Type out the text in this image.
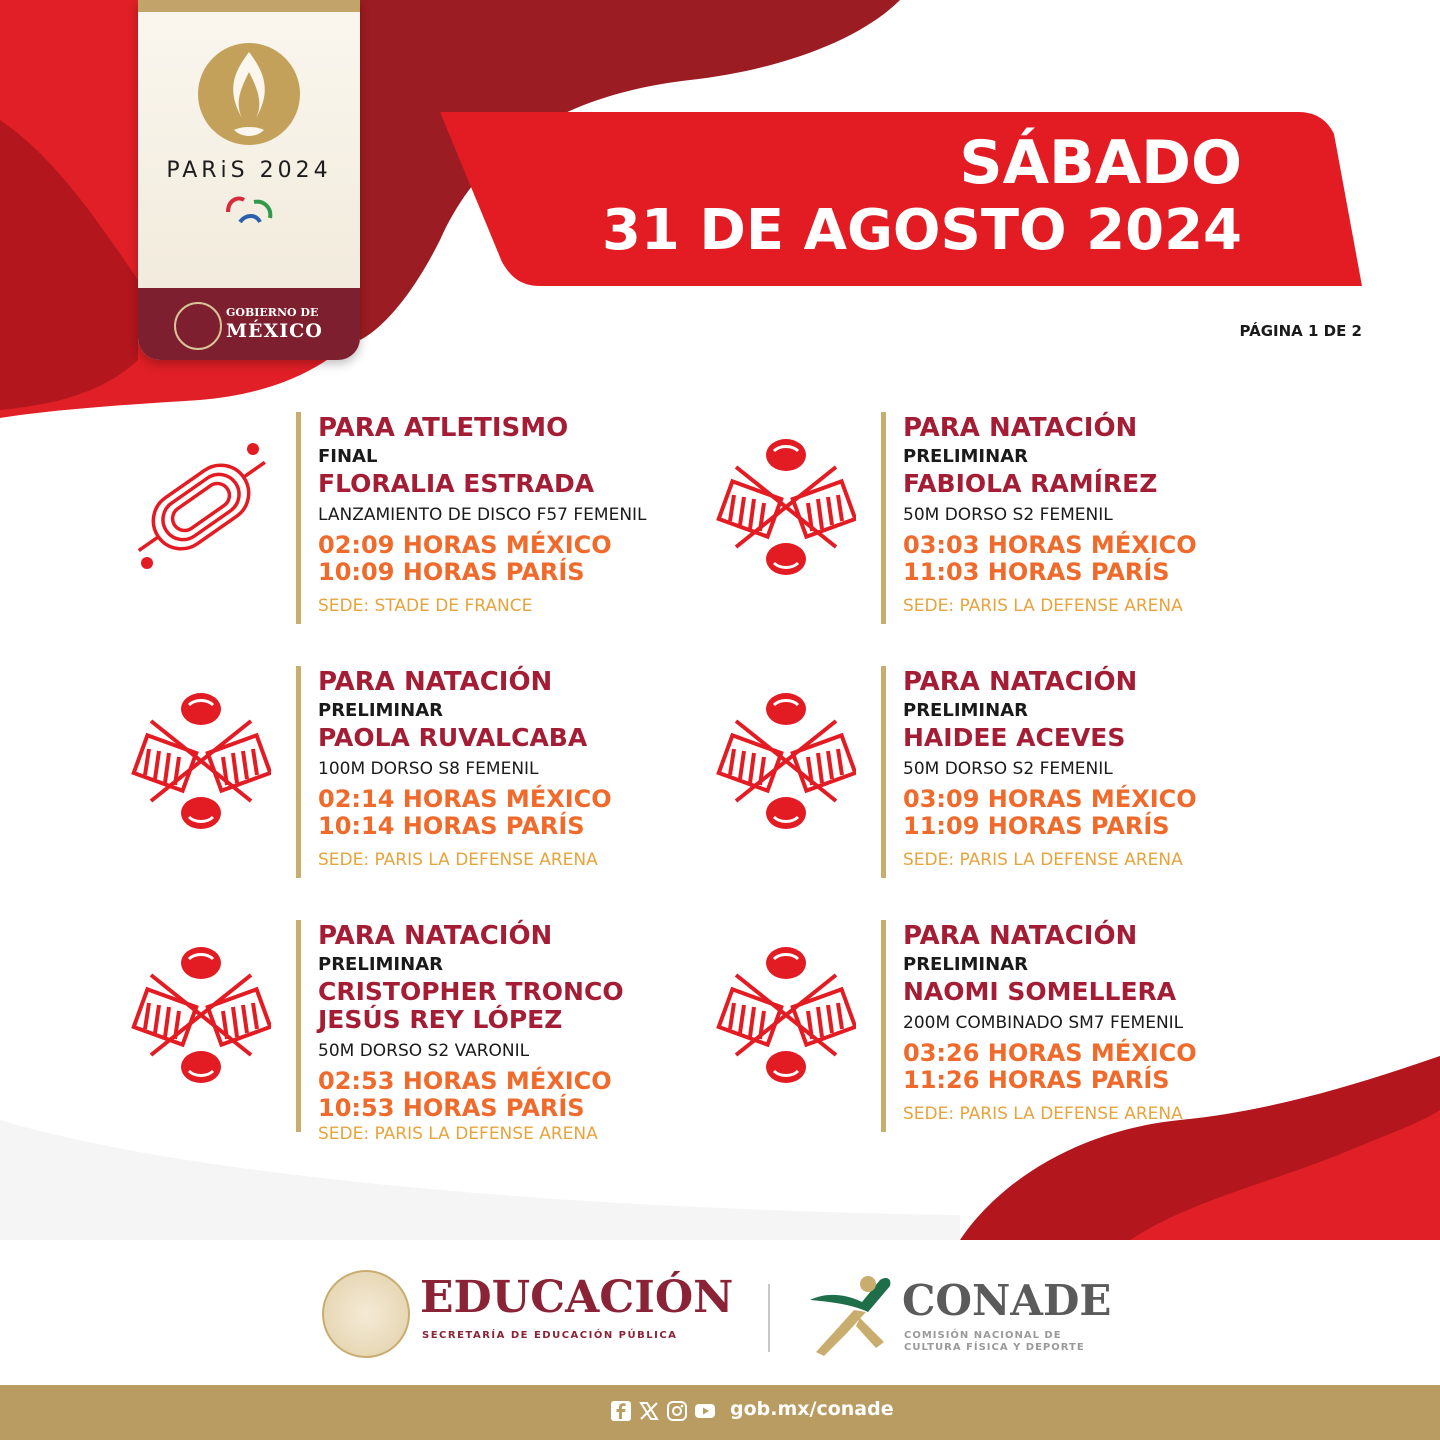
PARiS 2024
GOBIERNO DE
MÉXICO
SÁBADO
31 DE AGOSTO 2024
PÁGINA 1 DE 2
PARA ATLETISMO
FINAL
FLORALIA ESTRADA
LANZAMIENTO DE DISCO F57 FEMENIL
02:09 HORAS MÉXICO
10:09 HORAS PARÍS
SEDE: STADE DE FRANCE
PARA NATACIÓN
PRELIMINAR
FABIOLA RAMÍREZ
50M DORSO S2 FEMENIL
03:03 HORAS MÉXICO
11:03 HORAS PARÍS
SEDE: PARIS LA DEFENSE ARENA
PARA NATACIÓN
PRELIMINAR
PAOLA RUVALCABA
100M DORSO S8 FEMENIL
02:14 HORAS MÉXICO
10:14 HORAS PARÍS
SEDE: PARIS LA DEFENSE ARENA
PARA NATACIÓN
PRELIMINAR
HAIDEE ACEVES
50M DORSO S2 FEMENIL
03:09 HORAS MÉXICO
11:09 HORAS PARÍS
SEDE: PARIS LA DEFENSE ARENA
PARA NATACIÓN
PRELIMINAR
CRISTOPHER TRONCO
JESÚS REY LÓPEZ
50M DORSO S2 VARONIL
02:53 HORAS MÉXICO
10:53 HORAS PARÍS
SEDE: PARIS LA DEFENSE ARENA
PARA NATACIÓN
PRELIMINAR
NAOMI SOMELLERA
200M COMBINADO SM7 FEMENIL
03:26 HORAS MÉXICO
11:26 HORAS PARÍS
SEDE: PARIS LA DEFENSE ARENA
EDUCACIÓN
SECRETARÍA DE EDUCACIÓN PÚBLICA
CONADE
COMISIÓN NACIONAL DE
CULTURA FÍSICA Y DEPORTE
gob.mx/conade
